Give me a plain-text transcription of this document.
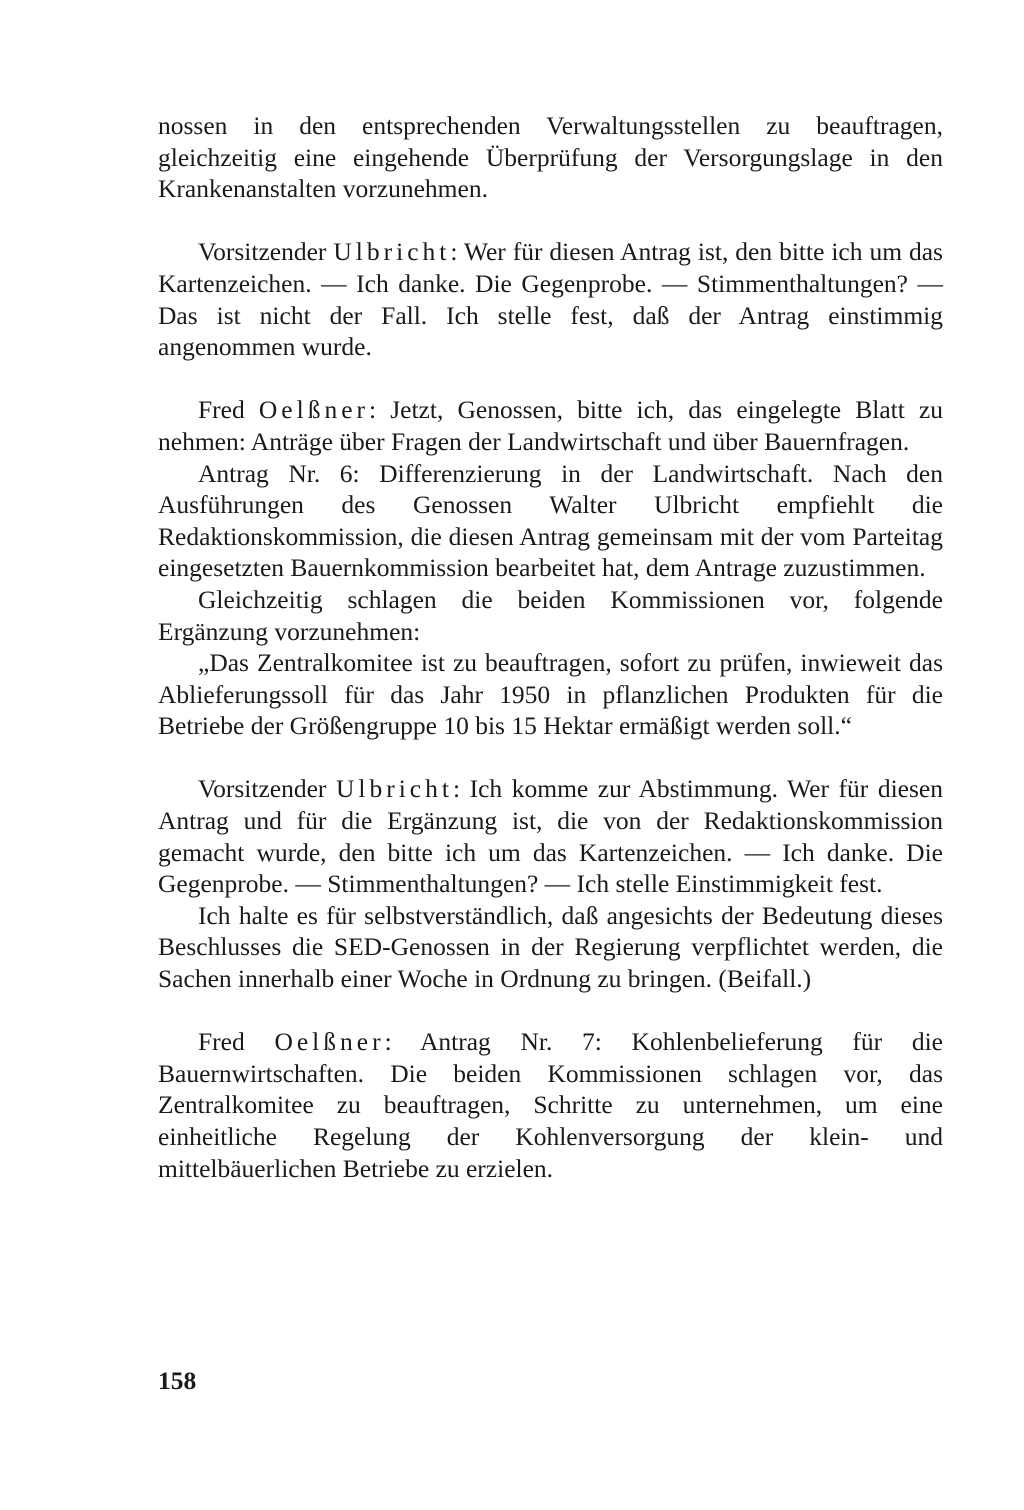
nossen in den entsprechenden Verwaltungsstellen zu beauftragen, gleichzeitig eine eingehende Überprüfung der Versorgungslage in den Krankenanstalten vorzunehmen.

Vorsitzender Ulbricht: Wer für diesen Antrag ist, den bitte ich um das Kartenzeichen. — Ich danke. Die Gegenprobe. — Stimmenthaltungen? — Das ist nicht der Fall. Ich stelle fest, daß der Antrag einstimmig angenommen wurde.

Fred Oelßner: Jetzt, Genossen, bitte ich, das eingelegte Blatt zu nehmen: Anträge über Fragen der Landwirtschaft und über Bauernfragen.

Antrag Nr. 6: Differenzierung in der Landwirtschaft. Nach den Ausführungen des Genossen Walter Ulbricht empfiehlt die Redaktionskommission, die diesen Antrag gemeinsam mit der vom Parteitag eingesetzten Bauernkommission bearbeitet hat, dem Antrage zuzustimmen.

Gleichzeitig schlagen die beiden Kommissionen vor, folgende Ergänzung vorzunehmen:

„Das Zentralkomitee ist zu beauftragen, sofort zu prüfen, inwieweit das Ablieferungssoll für das Jahr 1950 in pflanzlichen Produkten für die Betriebe der Größengruppe 10 bis 15 Hektar ermäßigt werden soll.“

Vorsitzender Ulbricht: Ich komme zur Abstimmung. Wer für diesen Antrag und für die Ergänzung ist, die von der Redaktionskommission gemacht wurde, den bitte ich um das Kartenzeichen. — Ich danke. Die Gegenprobe. — Stimmenthaltungen? — Ich stelle Einstimmigkeit fest.

Ich halte es für selbstverständlich, daß angesichts der Bedeutung dieses Beschlusses die SED-Genossen in der Regierung verpflichtet werden, die Sachen innerhalb einer Woche in Ordnung zu bringen. (Beifall.)

Fred Oelßner: Antrag Nr. 7: Kohlenbelieferung für die Bauernwirtschaften. Die beiden Kommissionen schlagen vor, das Zentralkomitee zu beauftragen, Schritte zu unternehmen, um eine einheitliche Regelung der Kohlenversorgung der klein- und mittelbäuerlichen Betriebe zu erzielen.

158
